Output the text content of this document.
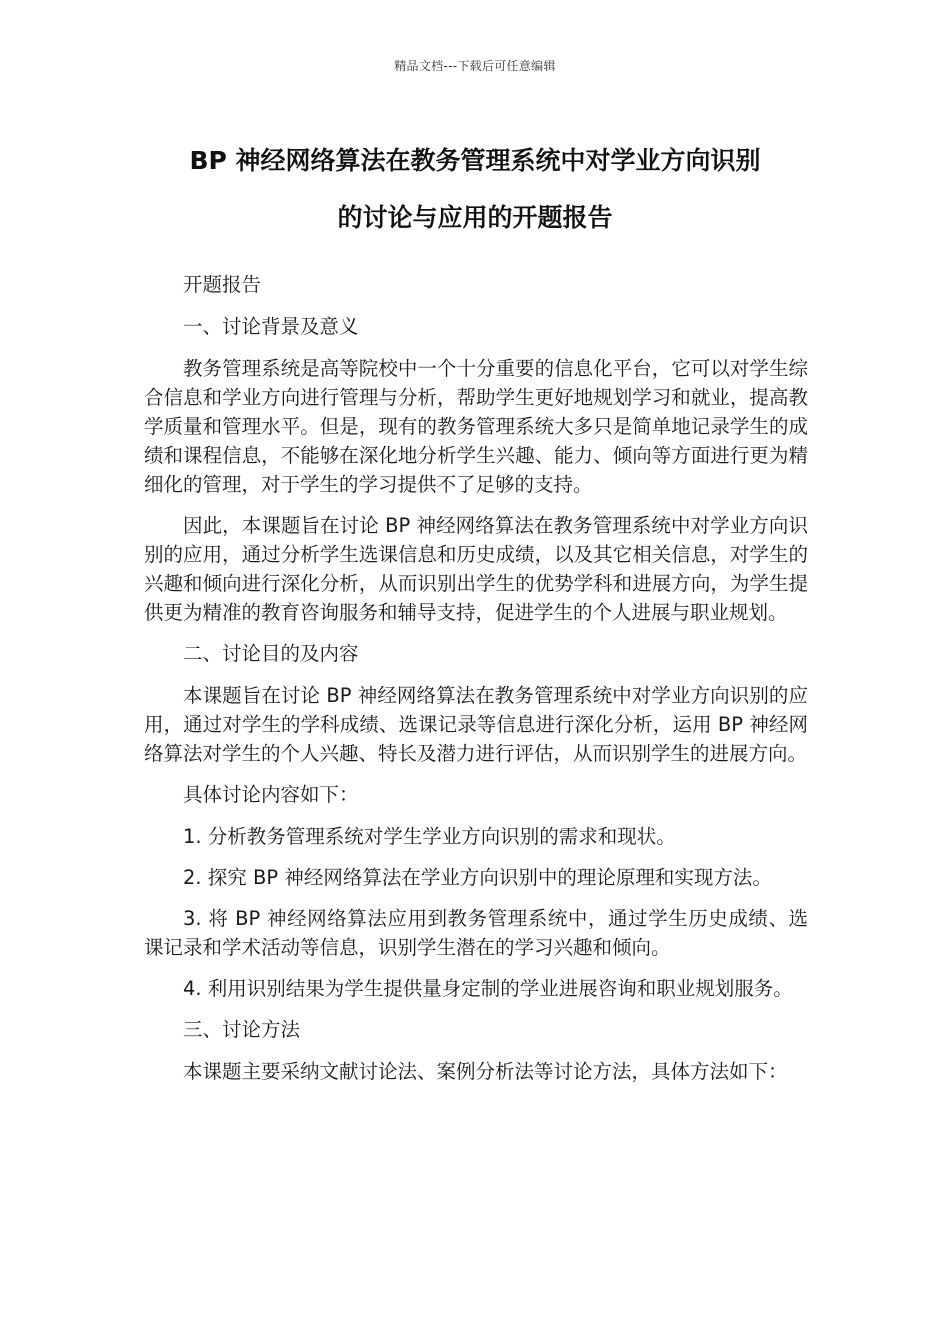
精品文档---下载后可任意编辑
BP 神经网络算法在教务管理系统中对学业方向识别
的讨论与应用的开题报告

开题报告

一、讨论背景及意义

教务管理系统是高等院校中一个十分重要的信息化平台，它可以对学生综合信息和学业方向进行管理与分析，帮助学生更好地规划学习和就业，提高教学质量和管理水平。但是，现有的教务管理系统大多只是简单地记录学生的成绩和课程信息，不能够在深化地分析学生兴趣、能力、倾向等方面进行更为精细化的管理，对于学生的学习提供不了足够的支持。

因此，本课题旨在讨论 BP 神经网络算法在教务管理系统中对学业方向识别的应用，通过分析学生选课信息和历史成绩，以及其它相关信息，对学生的兴趣和倾向进行深化分析，从而识别出学生的优势学科和进展方向，为学生提供更为精准的教育咨询服务和辅导支持，促进学生的个人进展与职业规划。

二、讨论目的及内容

本课题旨在讨论 BP 神经网络算法在教务管理系统中对学业方向识别的应用，通过对学生的学科成绩、选课记录等信息进行深化分析，运用 BP 神经网络算法对学生的个人兴趣、特长及潜力进行评估，从而识别学生的进展方向。

具体讨论内容如下：

1. 分析教务管理系统对学生学业方向识别的需求和现状。

2. 探究 BP 神经网络算法在学业方向识别中的理论原理和实现方法。

3. 将 BP 神经网络算法应用到教务管理系统中，通过学生历史成绩、选课记录和学术活动等信息，识别学生潜在的学习兴趣和倾向。

4. 利用识别结果为学生提供量身定制的学业进展咨询和职业规划服务。

三、讨论方法

本课题主要采纳文献讨论法、案例分析法等讨论方法，具体方法如下：
